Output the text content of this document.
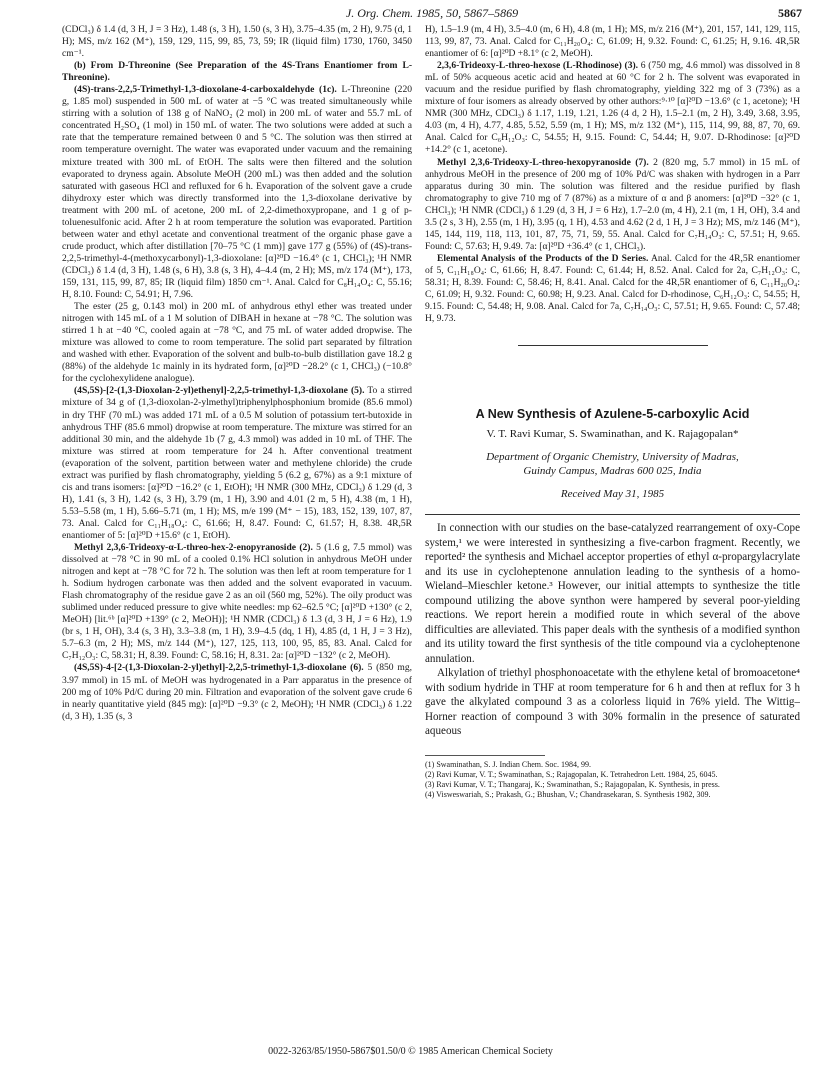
J. Org. Chem. 1985, 50, 5867–5869	5867

(CDCl₃) δ 1.4 (d, 3 H, J = 3 Hz), 1.48 (s, 3 H), 1.50 (s, 3 H), 3.75–4.35 (m, 2 H), 9.75 (d, 1 H); MS, m/z 162 (M⁺), 159, 129, 115, 99, 85, 73, 59; IR (liquid film) 1730, 1760, 3450 cm⁻¹.

(b) From D-Threonine (See Preparation of the 4S-Trans Enantiomer from L-Threonine).

(4S)-trans-2,2,5-Trimethyl-1,3-dioxolane-4-carboxaldehyde (1c). L-Threonine (220 g, 1.85 mol) suspended in 500 mL of water at −5 °C was treated simultaneously while stirring with a solution of 138 g of NaNO₂ (2 mol) in 200 mL of water and 55.7 mL of concentrated H₂SO₄ (1 mol) in 150 mL of water. The two solutions were added at such a rate that the temperature remained between 0 and 5 °C. The solution was then stirred at room temperature overnight. The water was evaporated under vacuum and the remaining mixture treated with 300 mL of EtOH. The salts were then filtered and the solution evaporated to dryness again. Absolute MeOH (200 mL) was then added and the solution saturated with gaseous HCl and refluxed for 6 h. Evaporation of the solvent gave a crude dihydroxy ester which was directly transformed into the 1,3-dioxolane derivative by treatment with 200 mL of acetone, 200 mL of 2,2-dimethoxypropane, and 1 g of p-toluenesulfonic acid. After 2 h at room temperature the solution was evaporated. Partition between water and ethyl acetate and conventional treatment of the organic phase gave a crude product, which after distillation [70–75 °C (1 mm)] gave 177 g (55%) of (4S)-trans-2,2,5-trimethyl-4-(methoxycarbonyl)-1,3-dioxolane: [α]²⁰D −16.4° (c 1, CHCl₃); ¹H NMR (CDCl₃) δ 1.4 (d, 3 H), 1.48 (s, 6 H), 3.8 (s, 3 H), 4–4.4 (m, 2 H); MS, m/z 174 (M⁺), 173, 159, 131, 115, 99, 87, 85; IR (liquid film) 1850 cm⁻¹. Anal. Calcd for C₈H₁₄O₄: C, 55.16; H, 8.10. Found: C, 54.91; H, 7.96.

The ester (25 g, 0.143 mol) in 200 mL of anhydrous ethyl ether was treated under nitrogen with 145 mL of a 1 M solution of DIBAH in hexane at −78 °C. The solution was stirred 1 h at −40 °C, cooled again at −78 °C, and 75 mL of water added dropwise. The mixture was allowed to come to room temperature. The solid part separated by filtration and washed with ether. Evaporation of the solvent and bulb-to-bulb distillation gave 18.2 g (88%) of the aldehyde 1c mainly in its hydrated form, [α]²⁰D −28.2° (c 1, CHCl₃) (−10.8° for the cyclohexylidene analogue).

(4S,5S)-[2-(1,3-Dioxolan-2-yl)ethenyl]-2,2,5-trimethyl-1,3-dioxolane (5). To a stirred mixture of 34 g of (1,3-dioxolan-2-ylmethyl)triphenylphosphonium bromide (85.6 mmol) in dry THF (70 mL) was added 171 mL of a 0.5 M solution of potassium tert-butoxide in anhydrous THF (85.6 mmol) dropwise at room temperature. The mixture was stirred for an additional 30 min, and the aldehyde 1b (7 g, 4.3 mmol) was added in 10 mL of THF. The mixture was stirred at room temperature for 24 h. After conventional treatment (evaporation of the solvent, partition between water and methylene chloride) the crude extract was purified by flash chromatography, yielding 5 (6.2 g, 67%) as a 9:1 mixture of cis and trans isomers: [α]²⁰D −16.2° (c 1, EtOH); ¹H NMR (300 MHz, CDCl₃) δ 1.29 (d, 3 H), 1.41 (s, 3 H), 1.42 (s, 3 H), 3.79 (m, 1 H), 3.90 and 4.01 (2 m, 5 H), 4.38 (m, 1 H), 5.53–5.58 (m, 1 H), 5.66–5.71 (m, 1 H); MS, m/e 199 (M⁺ − 15), 183, 152, 139, 107, 87, 73. Anal. Calcd for C₁₁H₁₈O₄: C, 61.66; H, 8.47. Found: C, 61.57; H, 8.38. 4R,5R enantiomer of 5: [α]²⁰D +15.6° (c 1, EtOH).

Methyl 2,3,6-Trideoxy-α-L-threo-hex-2-enopyranoside (2). 5 (1.6 g, 7.5 mmol) was dissolved at −78 °C in 90 mL of a cooled 0.1% HCl solution in anhydrous MeOH under nitrogen and kept at −78 °C for 72 h. The solution was then left at room temperature for 1 h. Sodium hydrogen carbonate was then added and the solvent evaporated in vacuum. Flash chromatography of the residue gave 2 as an oil (560 mg, 52%). The oily product was sublimed under reduced pressure to give white needles: mp 62–62.5 °C; [α]²⁰D +130° (c 2, MeOH) [lit.⁶ᵇ [α]²⁰D +139° (c 2, MeOH)]; ¹H NMR (CDCl₃) δ 1.3 (d, 3 H, J = 6 Hz), 1.9 (br s, 1 H, OH), 3.4 (s, 3 H), 3.3–3.8 (m, 1 H), 3.9–4.5 (dq, 1 H), 4.85 (d, 1 H, J = 3 Hz), 5.7–6.3 (m, 2 H); MS, m/z 144 (M⁺), 127, 125, 113, 100, 95, 85, 83. Anal. Calcd for C₇H₁₂O₃: C, 58.31; H, 8.39. Found: C, 58.16; H, 8.31. 2a: [α]²⁰D −132° (c 2, MeOH).

(4S,5S)-4-[2-(1,3-Dioxolan-2-yl)ethyl]-2,2,5-trimethyl-1,3-dioxolane (6). 5 (850 mg, 3.97 mmol) in 15 mL of MeOH was hydrogenated in a Parr apparatus in the presence of 200 mg of 10% Pd/C during 20 min. Filtration and evaporation of the solvent gave crude 6 in nearly quantitative yield (845 mg): [α]²⁰D −9.3° (c 2, MeOH); ¹H NMR (CDCl₃) δ 1.22 (d, 3 H), 1.35 (s, 3

H), 1.5–1.9 (m, 4 H), 3.5–4.0 (m, 6 H), 4.8 (m, 1 H); MS, m/z 216 (M⁺), 201, 157, 141, 129, 115, 113, 99, 87, 73. Anal. Calcd for C₁₁H₂₀O₄: C, 61.09; H, 9.32. Found: C, 61.25; H, 9.16. 4R,5R enantiomer of 6: [α]²⁰D +8.1° (c 2, MeOH).

2,3,6-Trideoxy-L-threo-hexose (L-Rhodinose) (3). 6 (750 mg, 4.6 mmol) was dissolved in 8 mL of 50% acqueous acetic acid and heated at 60 °C for 2 h. The solvent was evaporated in vacuum and the residue purified by flash chromatography, yielding 322 mg of 3 (73%) as a mixture of four isomers as already observed by other authors:⁹·¹⁰ [α]²⁰D −13.6° (c 1, acetone); ¹H NMR (300 MHz, CDCl₃) δ 1.17, 1.19, 1.21, 1.26 (4 d, 2 H), 1.5–2.1 (m, 2 H), 3.49, 3.68, 3.95, 4.03 (m, 4 H), 4.77, 4.85, 5.52, 5.59 (m, 1 H); MS, m/z 132 (M⁺), 115, 114, 99, 88, 87, 70, 69. Anal. Calcd for C₆H₁₂O₃: C, 54.55; H, 9.15. Found: C, 54.44; H, 9.07. D-Rhodinose: [α]²⁰D +14.2° (c 1, acetone).

Methyl 2,3,6-Trideoxy-L-threo-hexopyranoside (7). 2 (820 mg, 5.7 mmol) in 15 mL of anhydrous MeOH in the presence of 200 mg of 10% Pd/C was shaken with hydrogen in a Parr apparatus during 30 min. The solution was filtered and the residue purified by flash chromatography to give 710 mg of 7 (87%) as a mixture of α and β anomers: [α]²⁰D −32° (c 1, CHCl₃); ¹H NMR (CDCl₃) δ 1.29 (d, 3 H, J = 6 Hz), 1.7–2.0 (m, 4 H), 2.1 (m, 1 H, OH), 3.4 and 3.5 (2 s, 3 H), 2.55 (m, 1 H), 3.95 (q, 1 H), 4.53 and 4.62 (2 d, 1 H, J = 3 Hz); MS, m/z 146 (M⁺), 145, 144, 119, 118, 113, 101, 87, 75, 71, 59, 55. Anal. Calcd for C₇H₁₄O₃: C, 57.51; H, 9.65. Found: C, 57.63; H, 9.49. 7a: [α]²⁰D +36.4° (c 1, CHCl₃).

Elemental Analysis of the Products of the D Series. Anal. Calcd for the 4R,5R enantiomer of 5, C₁₁H₁₈O₄: C, 61.66; H, 8.47. Found: C, 61.44; H, 8.52. Anal. Calcd for 2a, C₇H₁₂O₃: C, 58.31; H, 8.39. Found: C, 58.46; H, 8.41. Anal. Calcd for the 4R,5R enantiomer of 6, C₁₁H₂₀O₄: C, 61.09; H, 9.32. Found: C, 60.98; H, 9.23. Anal. Calcd for D-rhodinose, C₆H₁₂O₃: C, 54.55; H, 9.15. Found: C, 54.48; H, 9.08. Anal. Calcd for 7a, C₇H₁₄O₃: C, 57.51; H, 9.65. Found: C, 57.48; H, 9.73.

A New Synthesis of Azulene-5-carboxylic Acid
V. T. Ravi Kumar, S. Swaminathan, and K. Rajagopalan*
Department of Organic Chemistry, University of Madras,
Guindy Campus, Madras 600 025, India
Received May 31, 1985

In connection with our studies on the base-catalyzed rearrangement of oxy-Cope system,¹ we were interested in synthesizing a five-carbon fragment. Recently, we reported² the synthesis and Michael acceptor properties of ethyl α-propargylacrylate and its use in cycloheptenone annulation leading to the synthesis of a homo-Wieland–Mieschler ketone.³ However, our initial attempts to synthesize the title compound utilizing the above synthon were hampered by several poor-yielding reactions. We report herein a modified route in which several of the above difficulties are alleviated. This paper deals with the synthesis of a modified synthon and its utility toward the first synthesis of the title compound via a cycloheptenone annulation.

Alkylation of triethyl phosphonoacetate with the ethylene ketal of bromoacetone⁴ with sodium hydride in THF at room temperature for 6 h and then at reflux for 3 h gave the alkylated compound 3 as a colorless liquid in 76% yield. The Wittig–Horner reaction of compound 3 with 30% formalin in the presence of saturated aqueous

(1) Swaminathan, S. J. Indian Chem. Soc. 1984, 99.

(2) Ravi Kumar, V. T.; Swaminathan, S.; Rajagopalan, K. Tetrahedron Lett. 1984, 25, 6045.

(3) Ravi Kumar, V. T.; Thangaraj, K.; Swaminathan, S.; Rajagopalan, K. Synthesis, in press.

(4) Visweswariah, S.; Prakash, G.; Bhushan, V.; Chandrasekaran, S. Synthesis 1982, 309.

0022-3263/85/1950-5867$01.50/0 © 1985 American Chemical Society
